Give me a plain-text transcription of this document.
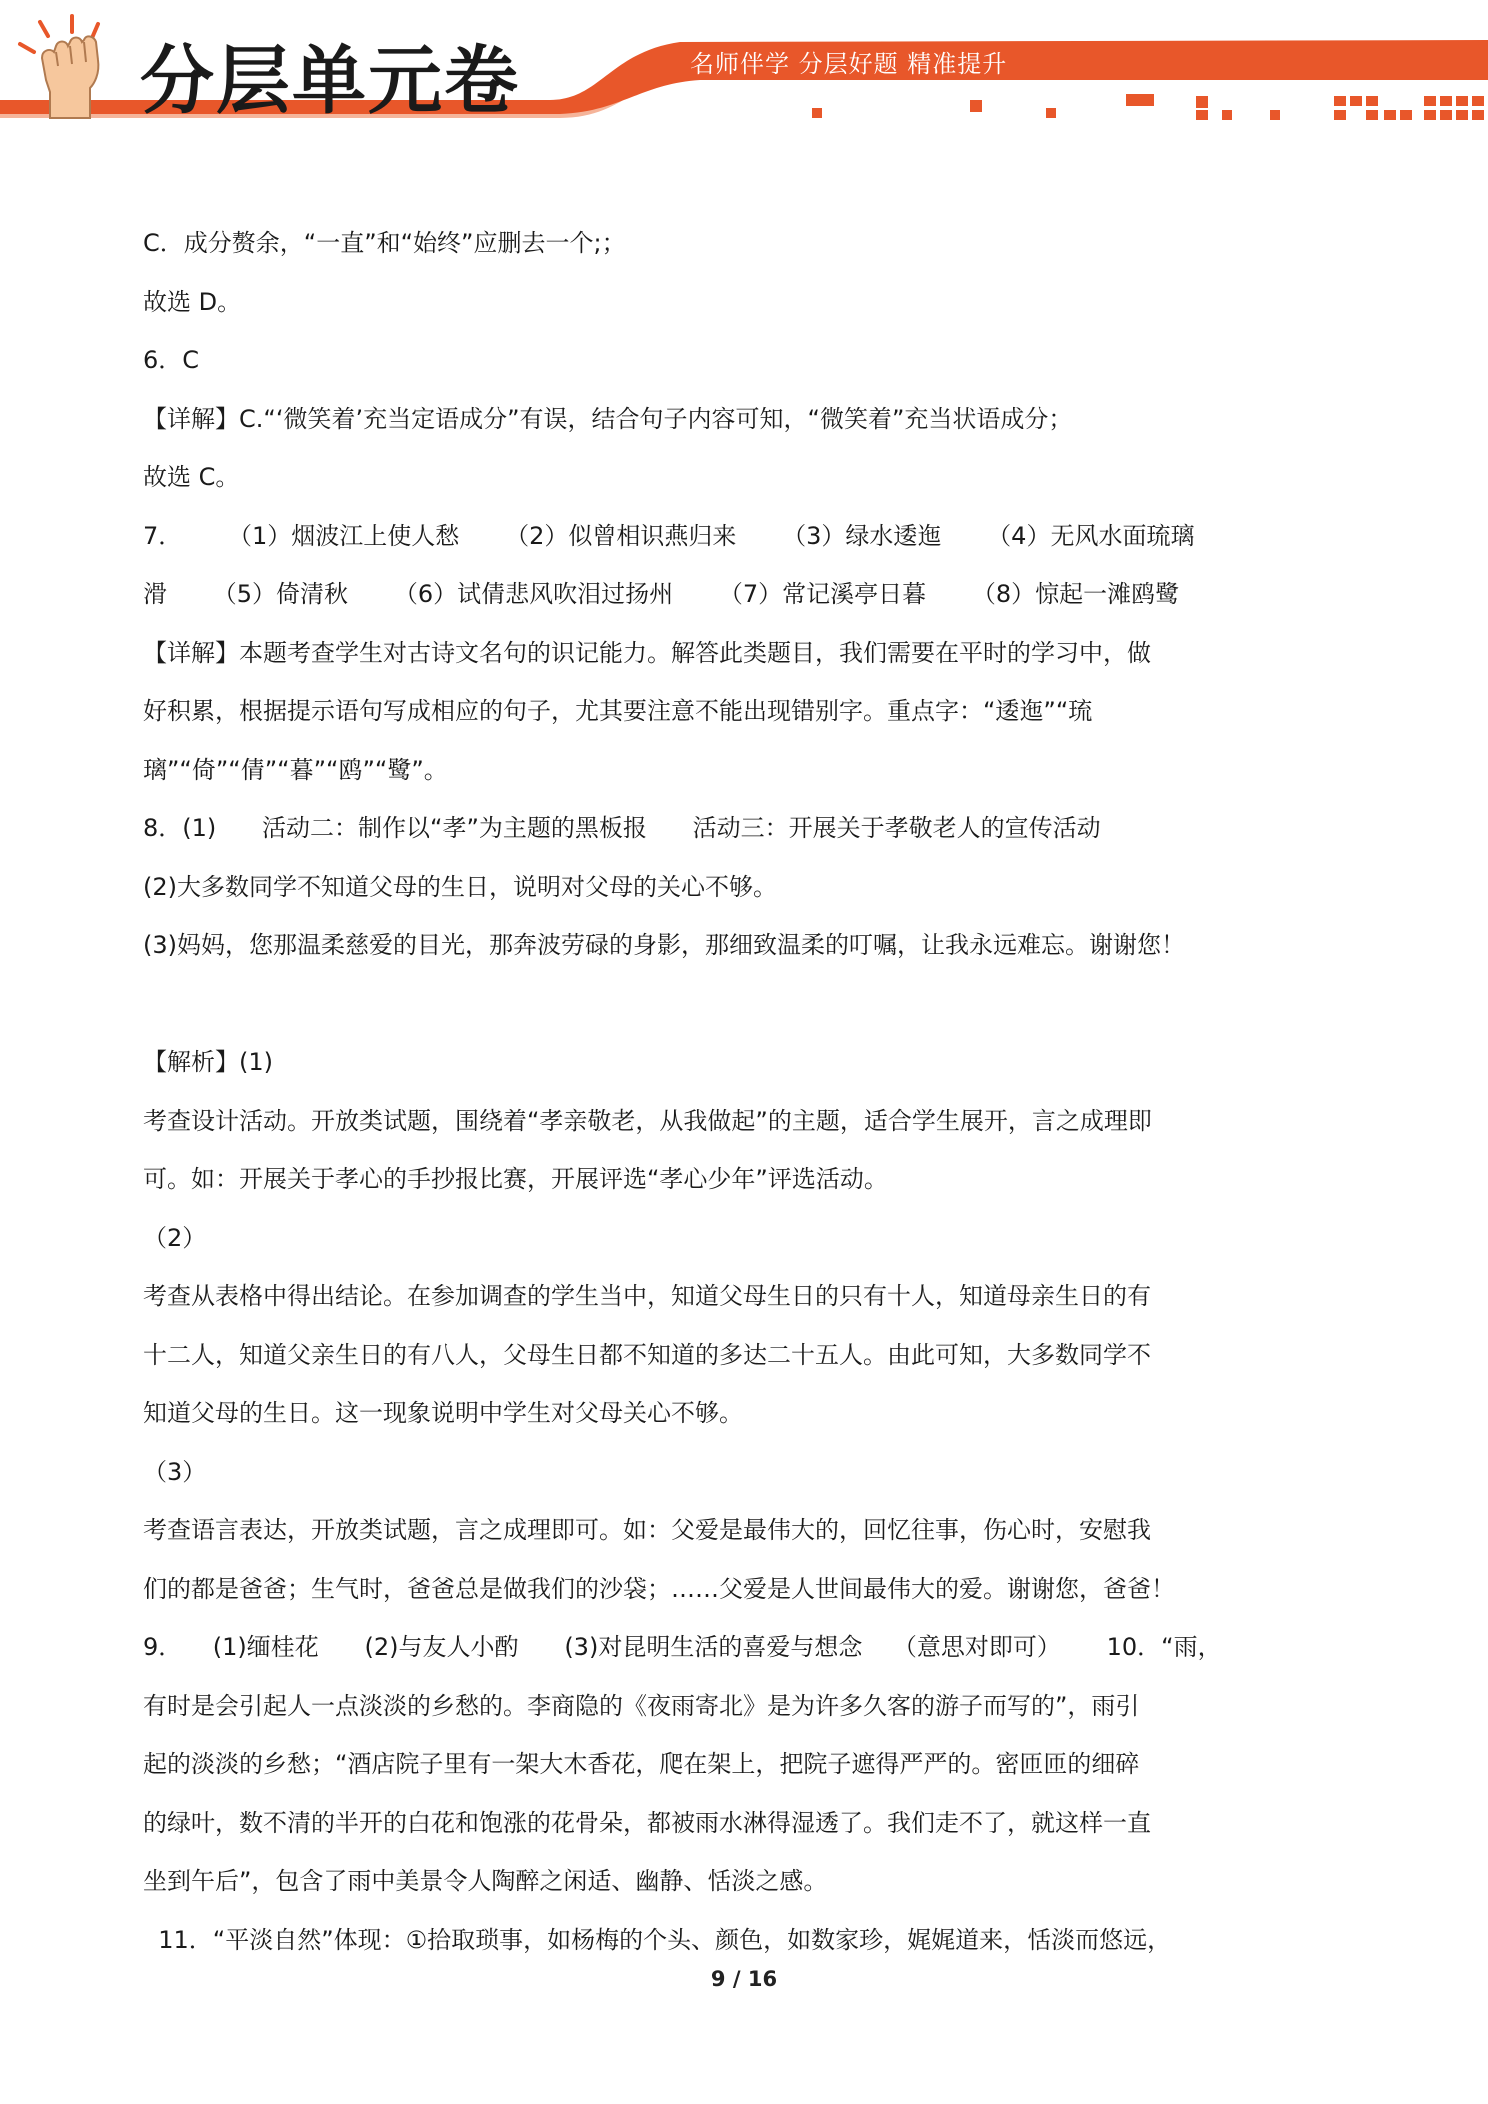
分层单元卷	名师伴学 分层好题 精准提升

C．成分赘余，“一直”和“始终”应删去一个;；

故选 D。

6．C

【详解】C.“‘微笑着’充当定语成分”有误，结合句子内容可知，“微笑着”充当状语成分；

故选 C。

7．      （1）烟波江上使人愁      （2）似曾相识燕归来      （3）绿水逶迤      （4）无风水面琉璃

滑      （5）倚清秋      （6）试倩悲风吹泪过扬州      （7）常记溪亭日暮      （8）惊起一滩鸥鹭

【详解】本题考查学生对古诗文名句的识记能力。解答此类题目，我们需要在平时的学习中，做

好积累，根据提示语句写成相应的句子，尤其要注意不能出现错别字。重点字：“逶迤”“琉

璃”“倚”“倩”“暮”“鸥”“鹭”。

8．(1)      活动二：制作以“孝”为主题的黑板报      活动三：开展关于孝敬老人的宣传活动

(2)大多数同学不知道父母的生日，说明对父母的关心不够。

(3)妈妈，您那温柔慈爱的目光，那奔波劳碌的身影，那细致温柔的叮嘱，让我永远难忘。谢谢您！

【解析】(1)

考查设计活动。开放类试题，围绕着“孝亲敬老，从我做起”的主题，适合学生展开，言之成理即

可。如：开展关于孝心的手抄报比赛，开展评选“孝心少年”评选活动。

（2）

考查从表格中得出结论。在参加调查的学生当中，知道父母生日的只有十人，知道母亲生日的有

十二人，知道父亲生日的有八人，父母生日都不知道的多达二十五人。由此可知，大多数同学不

知道父母的生日。这一现象说明中学生对父母关心不够。

（3）

考查语言表达，开放类试题，言之成理即可。如：父爱是最伟大的，回忆往事，伤心时，安慰我

们的都是爸爸；生气时，爸爸总是做我们的沙袋；……父爱是人世间最伟大的爱。谢谢您，爸爸！

9．    (1)缅桂花      (2)与友人小酌      (3)对昆明生活的喜爱与想念    （意思对即可）      10．“雨，

有时是会引起人一点淡淡的乡愁的。李商隐的《夜雨寄北》是为许多久客的游子而写的”，雨引

起的淡淡的乡愁；“酒店院子里有一架大木香花，爬在架上，把院子遮得严严的。密匝匝的细碎

的绿叶，数不清的半开的白花和饱涨的花骨朵，都被雨水淋得湿透了。我们走不了，就这样一直

坐到午后”，包含了雨中美景令人陶醉之闲适、幽静、恬淡之感。

11．“平淡自然”体现：①拾取琐事，如杨梅的个头、颜色，如数家珍，娓娓道来，恬淡而悠远，

9 / 16
